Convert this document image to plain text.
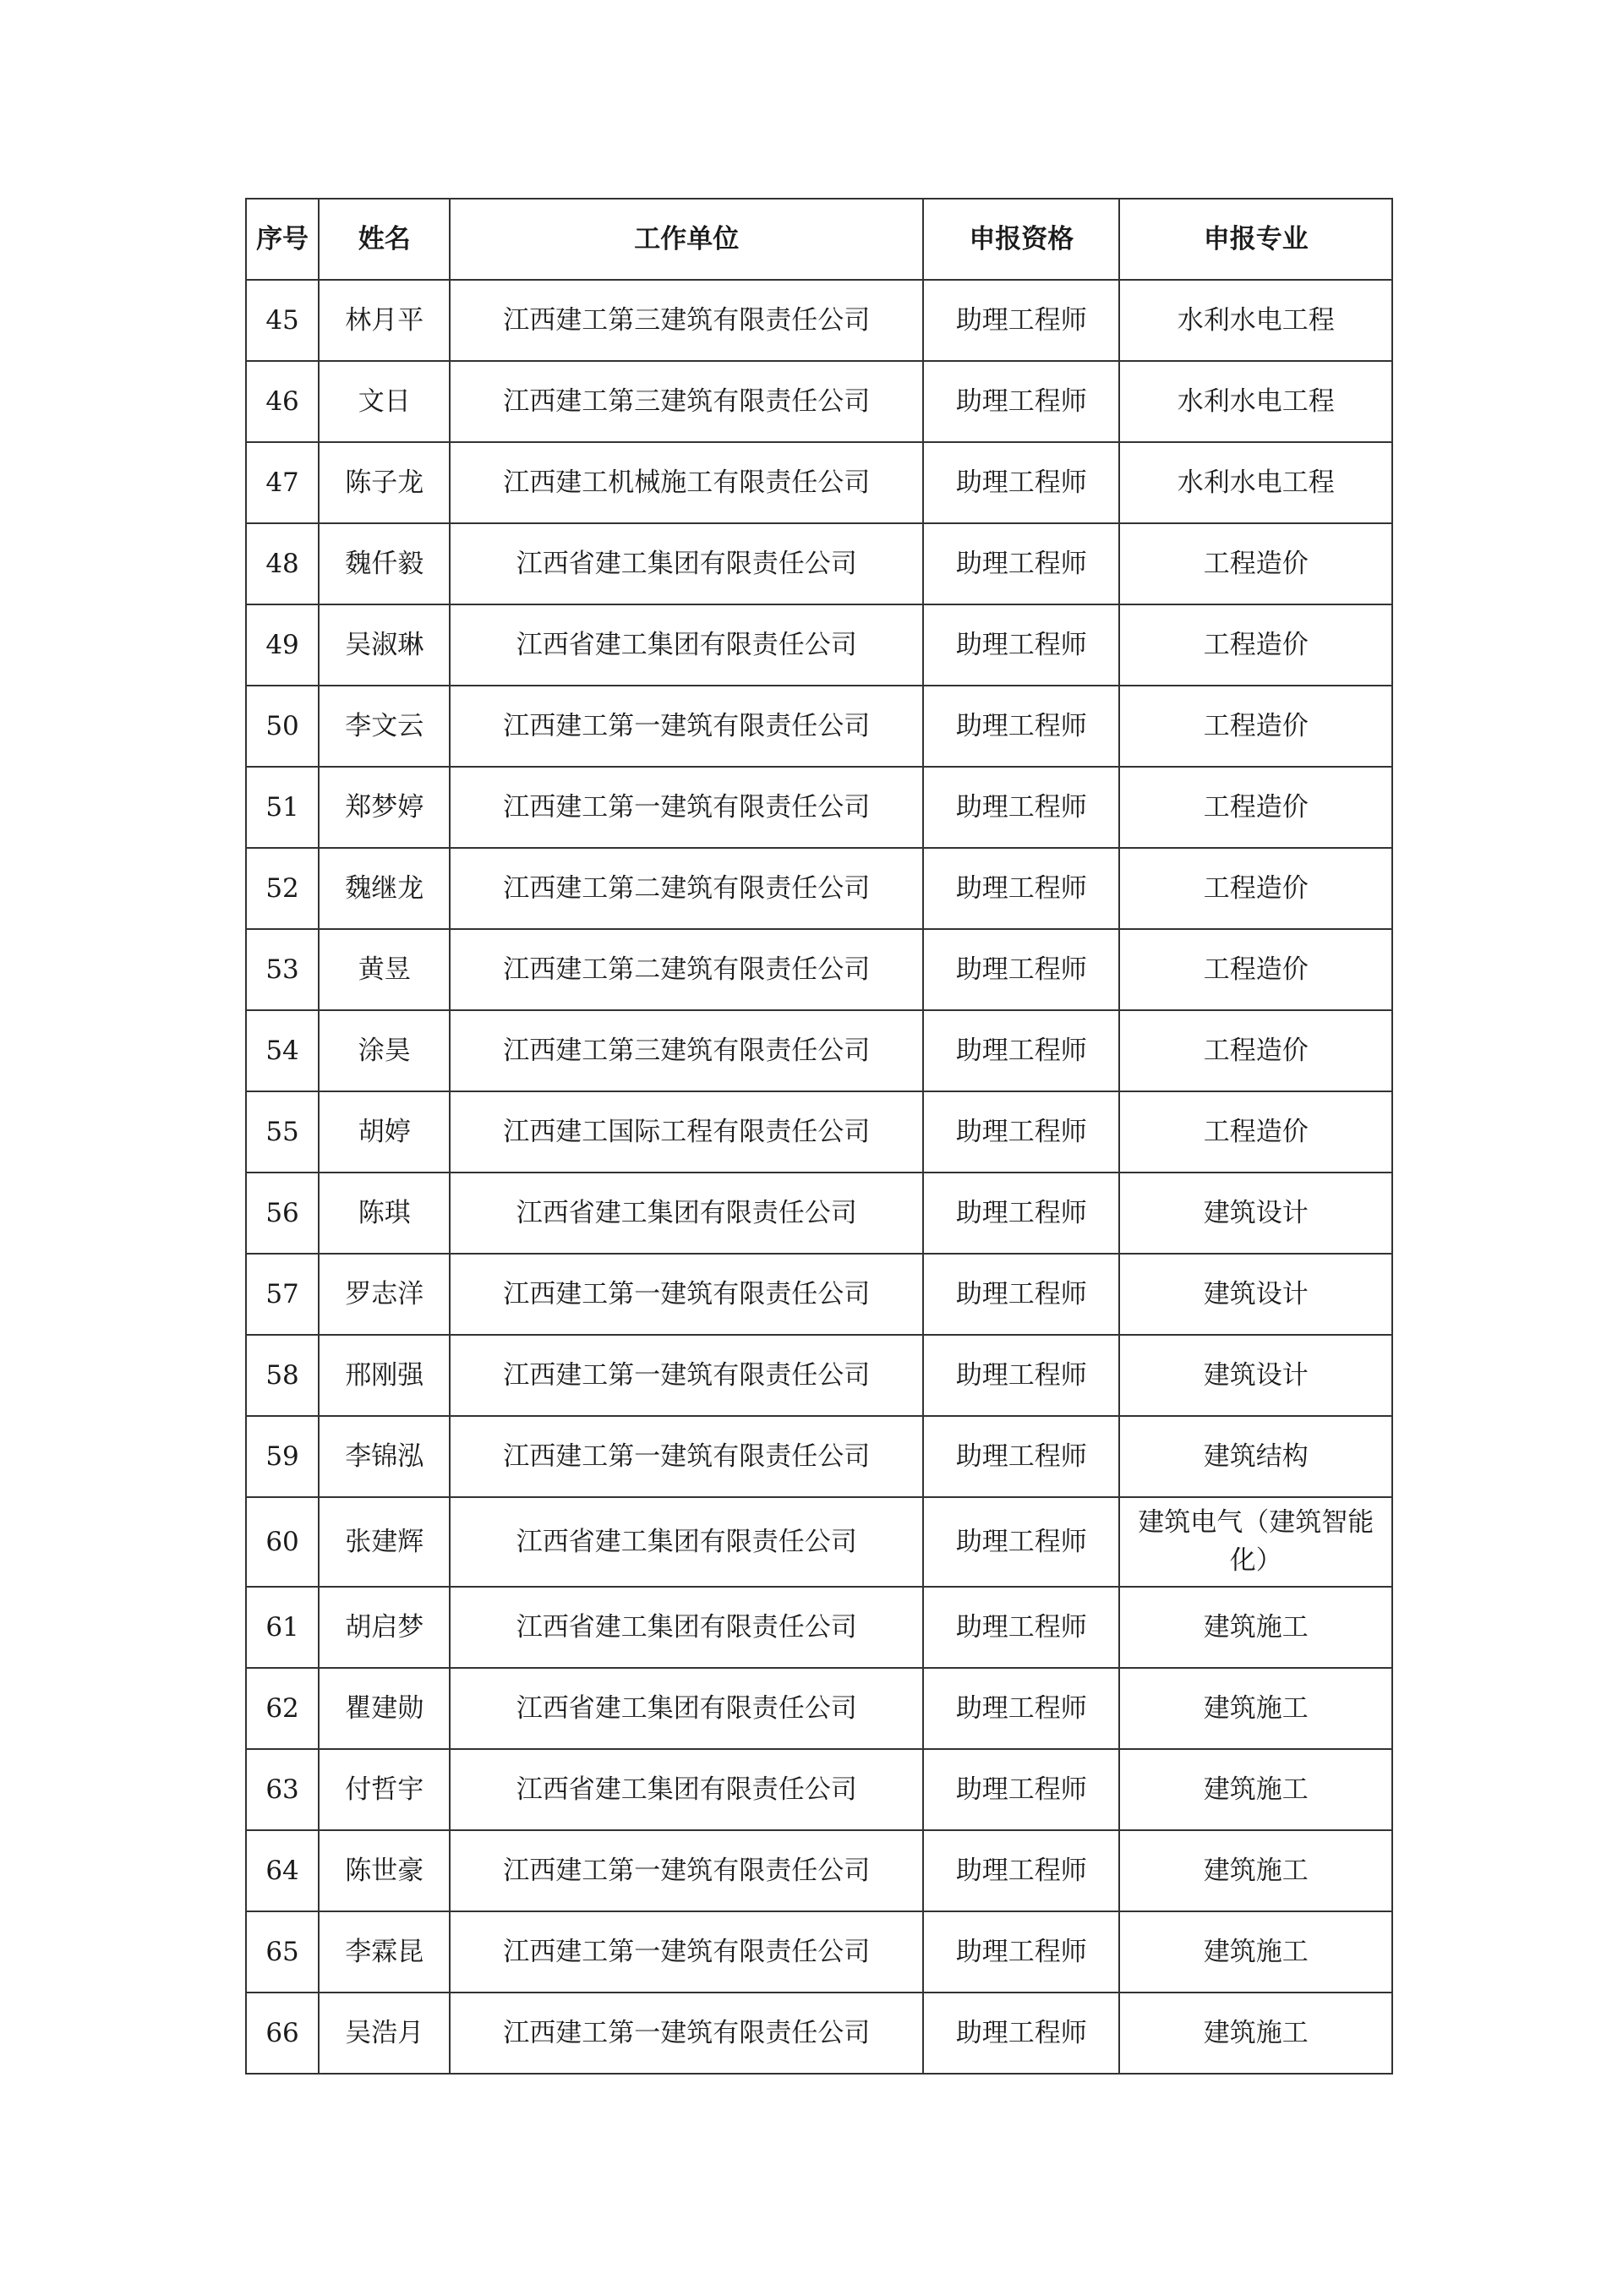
序号	姓名	工作单位	申报资格	申报专业
45	林月平	江西建工第三建筑有限责任公司	助理工程师	水利水电工程
46	文日	江西建工第三建筑有限责任公司	助理工程师	水利水电工程
47	陈子龙	江西建工机械施工有限责任公司	助理工程师	水利水电工程
48	魏仟毅	江西省建工集团有限责任公司	助理工程师	工程造价
49	吴淑琳	江西省建工集团有限责任公司	助理工程师	工程造价
50	李文云	江西建工第一建筑有限责任公司	助理工程师	工程造价
51	郑梦婷	江西建工第一建筑有限责任公司	助理工程师	工程造价
52	魏继龙	江西建工第二建筑有限责任公司	助理工程师	工程造价
53	黄昱	江西建工第二建筑有限责任公司	助理工程师	工程造价
54	涂昊	江西建工第三建筑有限责任公司	助理工程师	工程造价
55	胡婷	江西建工国际工程有限责任公司	助理工程师	工程造价
56	陈琪	江西省建工集团有限责任公司	助理工程师	建筑设计
57	罗志洋	江西建工第一建筑有限责任公司	助理工程师	建筑设计
58	邢刚强	江西建工第一建筑有限责任公司	助理工程师	建筑设计
59	李锦泓	江西建工第一建筑有限责任公司	助理工程师	建筑结构
60	张建辉	江西省建工集团有限责任公司	助理工程师	建筑电气（建筑智能化）
61	胡启梦	江西省建工集团有限责任公司	助理工程师	建筑施工
62	瞿建勋	江西省建工集团有限责任公司	助理工程师	建筑施工
63	付哲宇	江西省建工集团有限责任公司	助理工程师	建筑施工
64	陈世豪	江西建工第一建筑有限责任公司	助理工程师	建筑施工
65	李霖昆	江西建工第一建筑有限责任公司	助理工程师	建筑施工
66	吴浩月	江西建工第一建筑有限责任公司	助理工程师	建筑施工
